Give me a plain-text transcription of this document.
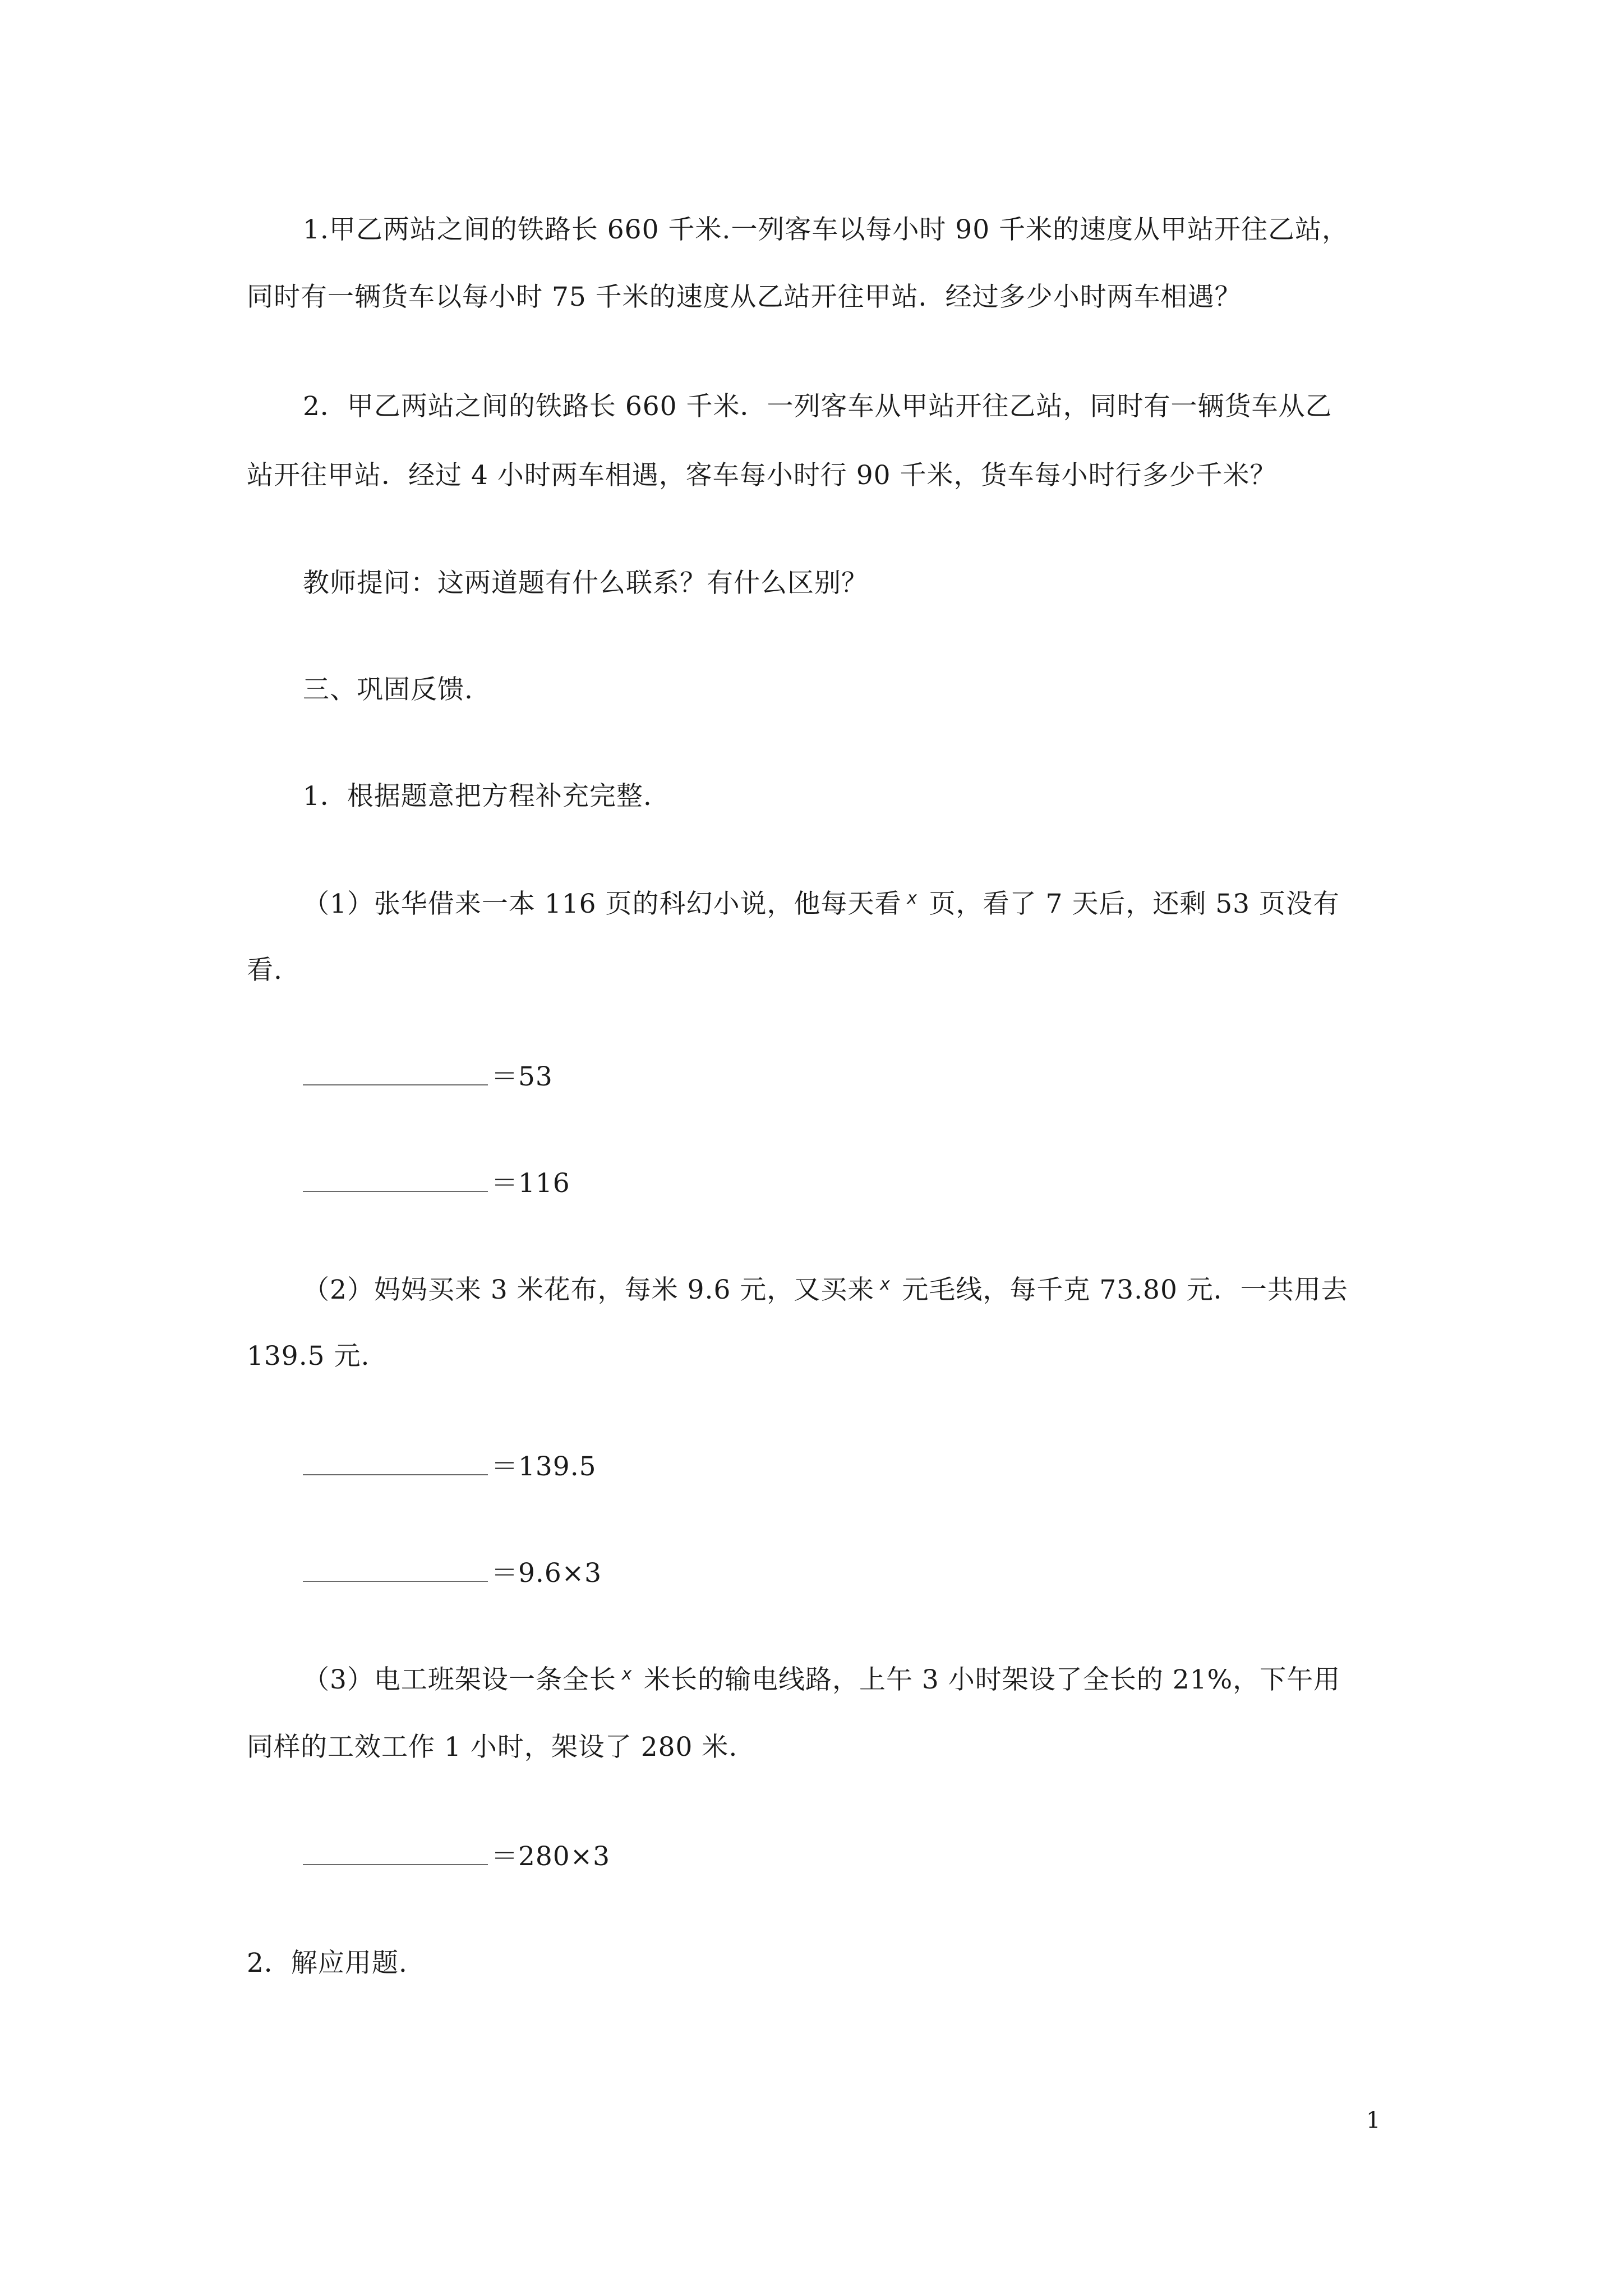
1.甲乙两站之间的铁路长 660 千米.一列客车以每小时 90 千米的速度从甲站开往乙站，
同时有一辆货车以每小时 75 千米的速度从乙站开往甲站．经过多少小时两车相遇？
2．甲乙两站之间的铁路长 660 千米．一列客车从甲站开往乙站，同时有一辆货车从乙
站开往甲站．经过 4 小时两车相遇，客车每小时行 90 千米，货车每小时行多少千米？
教师提问：这两道题有什么联系？有什么区别？
三、巩固反馈.
1．根据题意把方程补充完整.
（1）张华借来一本 116 页的科幻小说，他每天看 $^x$ 页，看了 7 天后，还剩 53 页没有
看.
＝53
＝116
（2）妈妈买来 3 米花布，每米 9.6 元，又买来 $^x$ 元毛线，每千克 73.80 元．一共用去
139.5 元.
＝139.5
＝9.6×3
（3）电工班架设一条全长 $^x$ 米长的输电线路，上午 3 小时架设了全长的 21%，下午用
同样的工效工作 1 小时，架设了 280 米.
＝280×3
2．解应用题.
1
